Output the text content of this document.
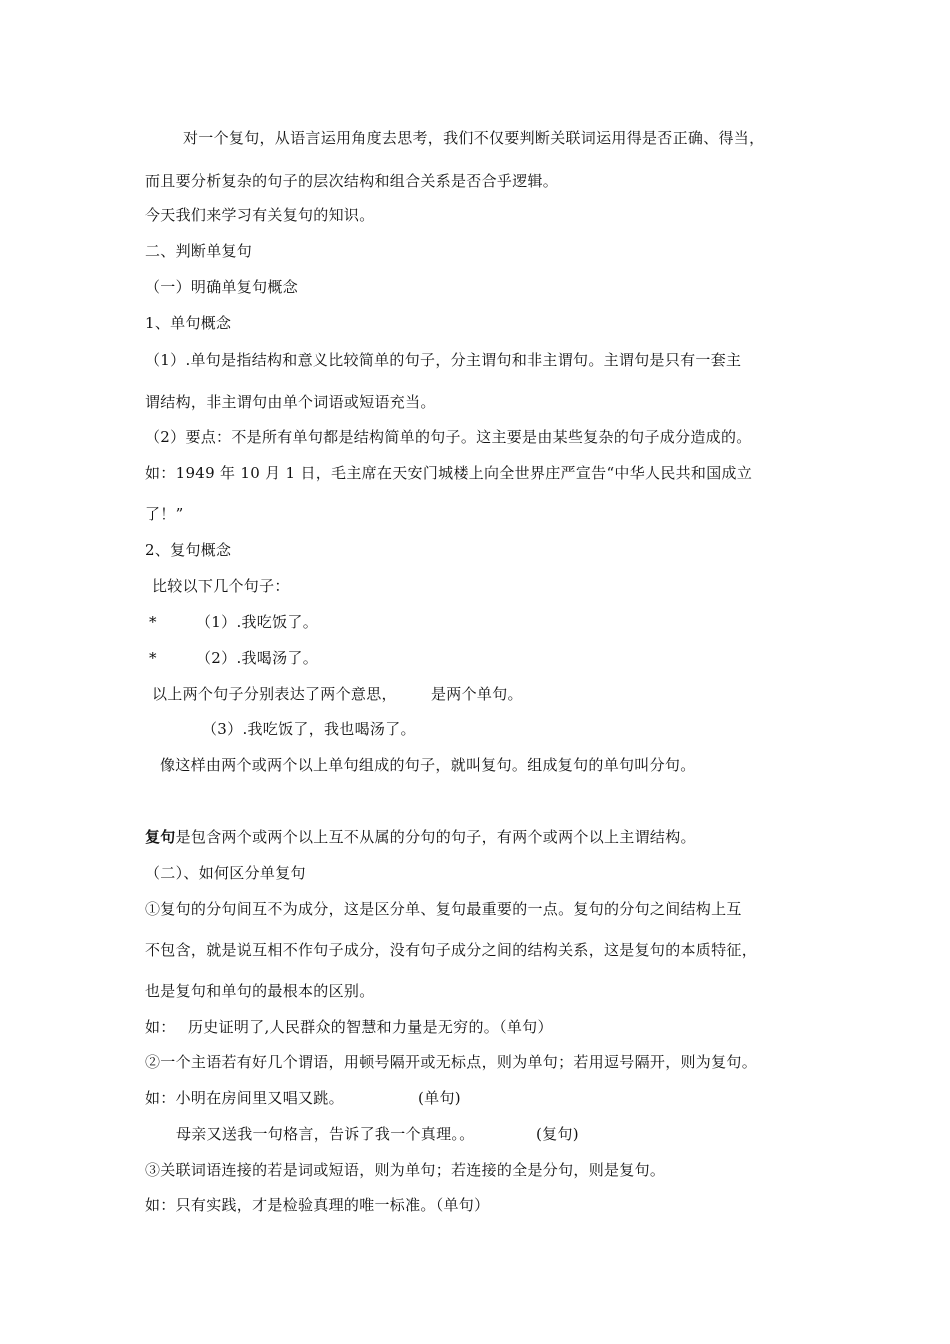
对一个复句，从语言运用角度去思考，我们不仅要判断关联词运用得是否正确、得当，
而且要分析复杂的句子的层次结构和组合关系是否合乎逻辑。
今天我们来学习有关复句的知识。
二、判断单复句
（一）明确单复句概念
1、单句概念
（1）.单句是指结构和意义比较简单的句子，分主谓句和非主谓句。主谓句是只有一套主
谓结构，非主谓句由单个词语或短语充当。
（2）要点：不是所有单句都是结构简单的句子。这主要是由某些复杂的句子成分造成的。
如：1949 年 10 月 1 日，毛主席在天安门城楼上向全世界庄严宣告“中华人民共和国成立
了！”
2、复句概念
比较以下几个句子：
*	（1）.我吃饭了。
*	（2）.我喝汤了。
以上两个句子分别表达了两个意思， 是两个单句。
（3）.我吃饭了，我也喝汤了。
像这样由两个或两个以上单句组成的句子，就叫复句。组成复句的单句叫分句。
复句是包含两个或两个以上互不从属的分句的句子，有两个或两个以上主谓结构。
（二）、如何区分单复句
①复句的分句间互不为成分，这是区分单、复句最重要的一点。复句的分句之间结构上互
不包含，就是说互相不作句子成分，没有句子成分之间的结构关系，这是复句的本质特征，
也是复句和单句的最根本的区别。
如： 历史证明了,人民群众的智慧和力量是无穷的。（单句）
②一个主语若有好几个谓语，用顿号隔开或无标点，则为单句；若用逗号隔开，则为复句。
如：小明在房间里又唱又跳。	(单句)
母亲又送我一句格言，告诉了我一个真理。。	(复句)
③关联词语连接的若是词或短语，则为单句；若连接的全是分句，则是复句。
如：只有实践，才是检验真理的唯一标准。（单句）
